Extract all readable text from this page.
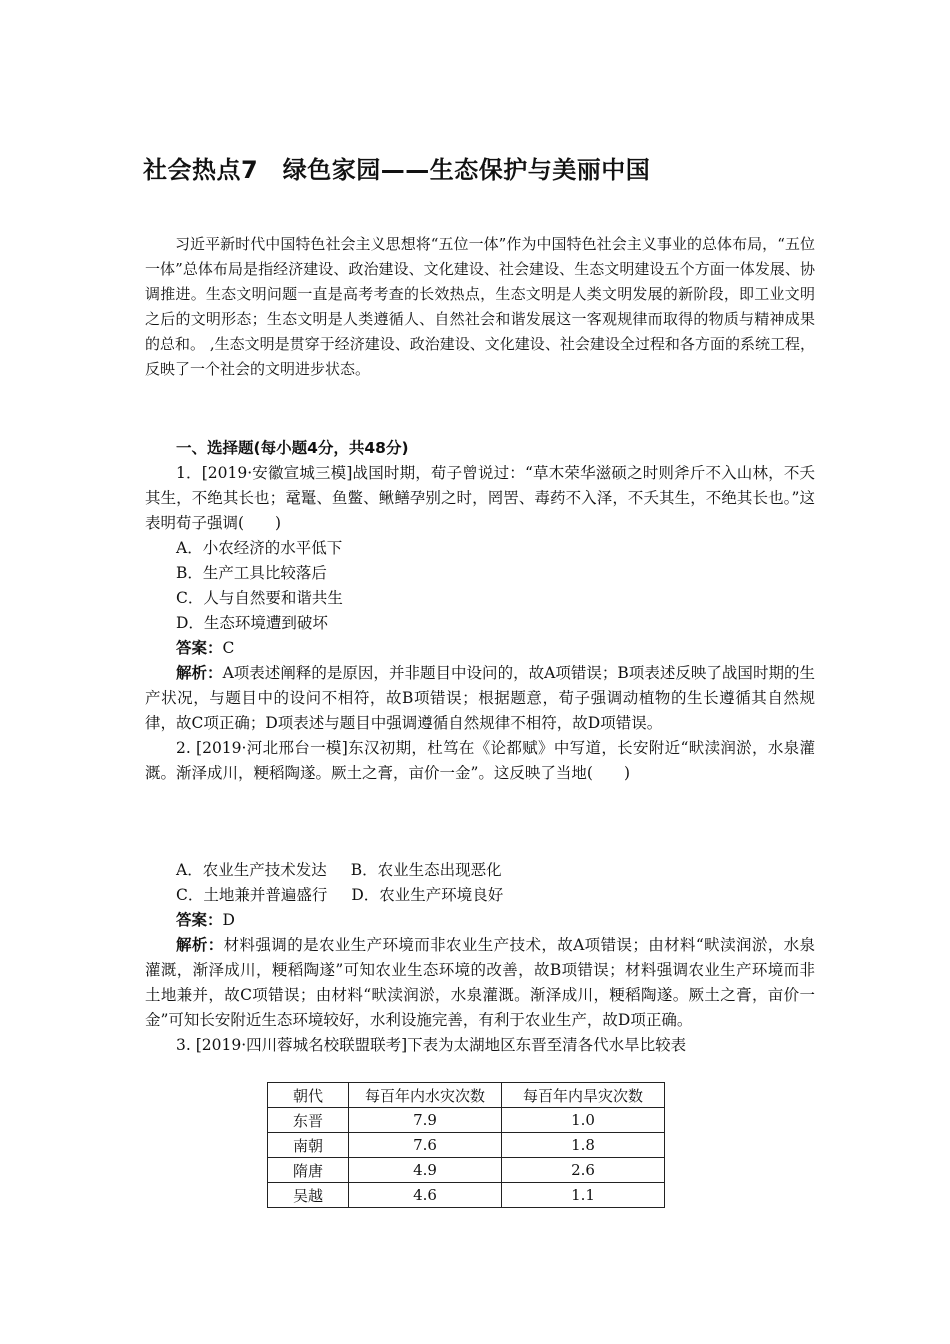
社会热点7　绿色家园——生态保护与美丽中国

习近平新时代中国特色社会主义思想将“五位一体”作为中国特色社会主义事业的总体布局，“五位一体”总体布局是指经济建设、政治建设、文化建设、社会建设、生态文明建设五个方面一体发展、协调推进。生态文明问题一直是高考考查的长效热点，生态文明是人类文明发展的新阶段，即工业文明之后的文明形态；生态文明是人类遵循人、自然社会和谐发展这一客观规律而取得的物质与精神成果的总和。 ,生态文明是贯穿于经济建设、政治建设、文化建设、社会建设全过程和各方面的系统工程，反映了一个社会的文明进步状态。

一、选择题(每小题4分，共48分)

1．[2019·安徽宣城三模]战国时期，荀子曾说过：“草木荣华滋硕之时则斧斤不入山林，不夭其生，不绝其长也；鼋鼍、鱼鳖、鳅鳝孕别之时，罔罟、毒药不入泽，不夭其生，不绝其长也。”这表明荀子强调(　　)

A．小农经济的水平低下

B．生产工具比较落后

C．人与自然要和谐共生

D．生态环境遭到破坏

答案：C

解析：A项表述阐释的是原因，并非题目中设问的，故A项错误；B项表述反映了战国时期的生产状况，与题目中的设问不相符，故B项错误；根据题意，荀子强调动植物的生长遵循其自然规律，故C项正确；D项表述与题目中强调遵循自然规律不相符，故D项错误。

2. [2019·河北邢台一模]东汉初期，杜笃在《论都赋》中写道，长安附近“畎渎润淤，水泉灌溉。渐泽成川，粳稻陶遂。厥土之膏，亩价一金”。这反映了当地(　　)

A．农业生产技术发达 B．农业生态出现恶化

C．土地兼并普遍盛行 D．农业生产环境良好

答案：D

解析：材料强调的是农业生产环境而非农业生产技术，故A项错误；由材料“畎渎润淤，水泉灌溉，渐泽成川，粳稻陶遂”可知农业生态环境的改善，故B项错误；材料强调农业生产环境而非土地兼并，故C项错误；由材料“畎渎润淤，水泉灌溉。渐泽成川，粳稻陶遂。厥土之膏，亩价一金”可知长安附近生态环境较好，水利设施完善，有利于农业生产，故D项正确。

3. [2019·四川蓉城名校联盟联考]下表为太湖地区东晋至清各代水旱比较表

朝代	每百年内水灾次数	每百年内旱灾次数
东晋	7.9	1.0
南朝	7.6	1.8
隋唐	4.9	2.6
吴越	4.6	1.1
